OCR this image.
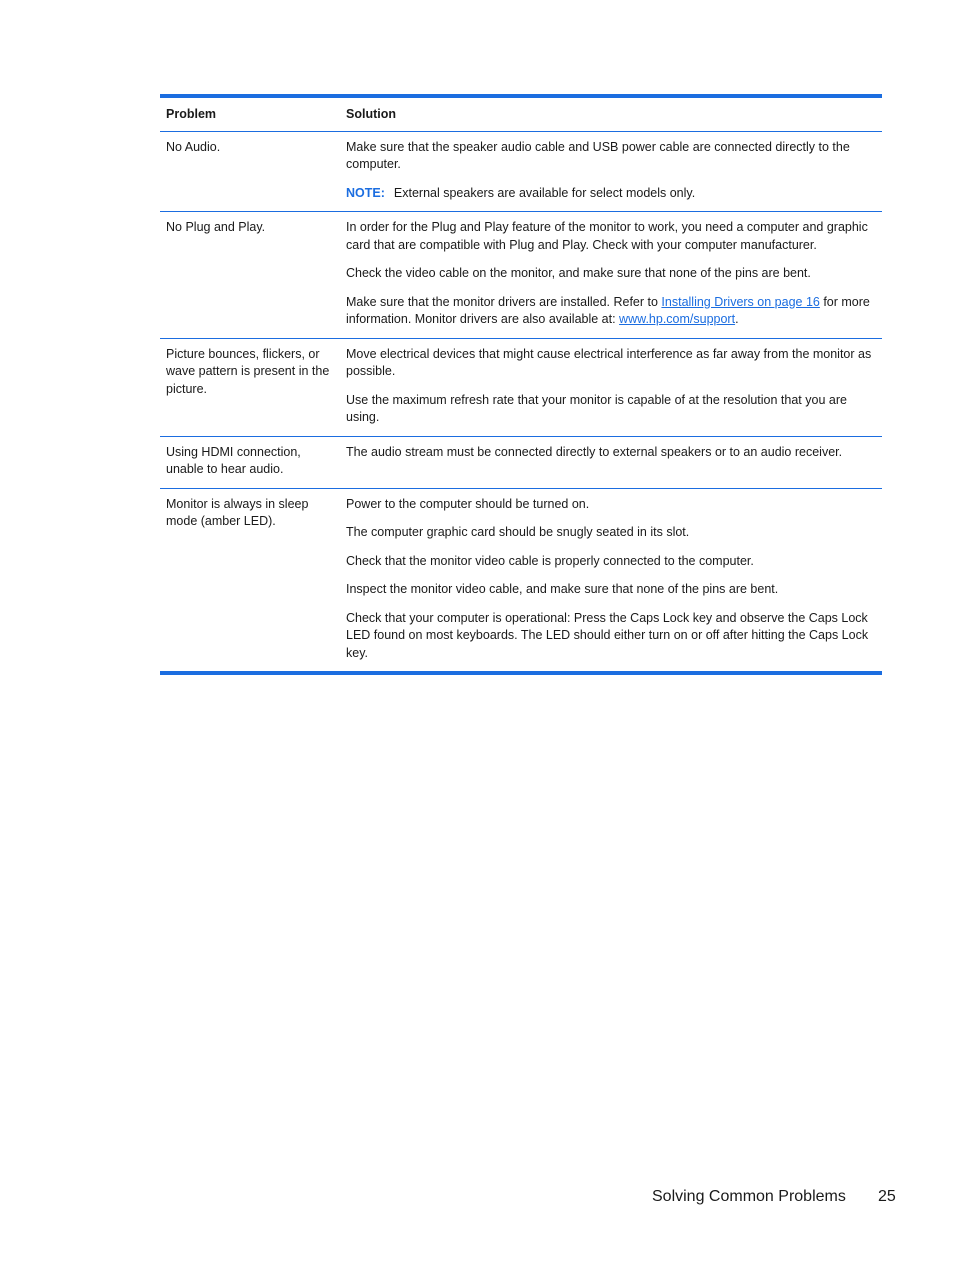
Problem	Solution
No Audio.	Make sure that the speaker audio cable and USB power cable are connected directly to the computer.

NOTE: External speakers are available for select models only.

No Plug and Play.	In order for the Plug and Play feature of the monitor to work, you need a computer and graphic card that are compatible with Plug and Play. Check with your computer manufacturer.

Check the video cable on the monitor, and make sure that none of the pins are bent.

Make sure that the monitor drivers are installed. Refer to Installing Drivers on page 16 for more information. Monitor drivers are also available at: www.hp.com/support.

Picture bounces, flickers, or wave pattern is present in the picture.	Move electrical devices that might cause electrical interference as far away from the monitor as possible.

Use the maximum refresh rate that your monitor is capable of at the resolution that you are using.

Using HDMI connection, unable to hear audio.	The audio stream must be connected directly to external speakers or to an audio receiver.

Monitor is always in sleep mode (amber LED).	Power to the computer should be turned on.

The computer graphic card should be snugly seated in its slot.

Check that the monitor video cable is properly connected to the computer.

Inspect the monitor video cable, and make sure that none of the pins are bent.

Check that your computer is operational: Press the Caps Lock key and observe the Caps Lock LED found on most keyboards. The LED should either turn on or off after hitting the Caps Lock key.

Solving Common Problems 25
